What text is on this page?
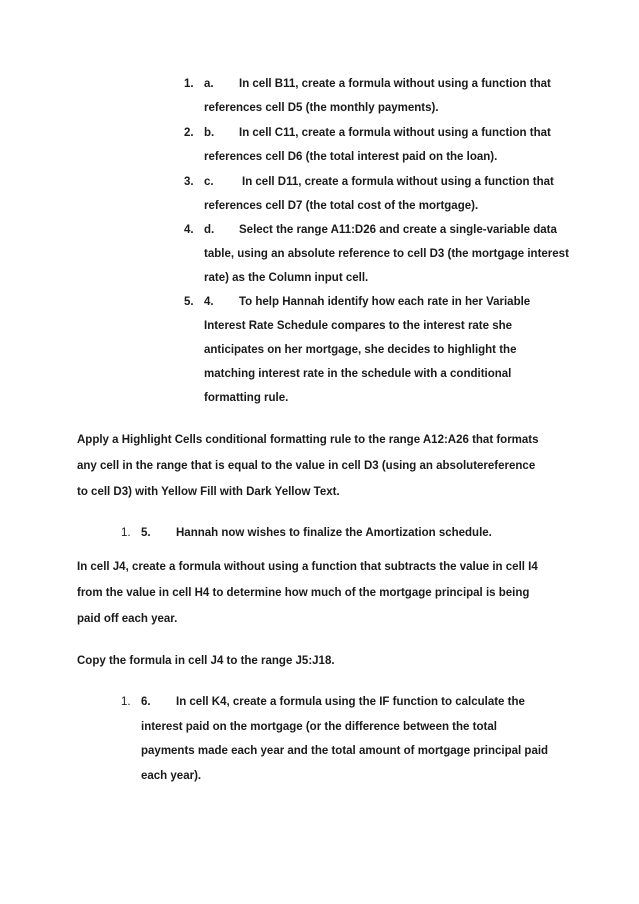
1. a.	In cell B11, create a formula without using a function that
references cell D5 (the monthly payments).
2. b.	In cell C11, create a formula without using a function that
references cell D6 (the total interest paid on the loan).
3. c.	In cell D11, create a formula without using a function that
references cell D7 (the total cost of the mortgage).
4. d.	Select the range A11:D26 and create a single-variable data
table, using an absolute reference to cell D3 (the mortgage interest
rate) as the Column input cell.
5. 4.	To help Hannah identify how each rate in her Variable
Interest Rate Schedule compares to the interest rate she
anticipates on her mortgage, she decides to highlight the
matching interest rate in the schedule with a conditional
formatting rule.
Apply a Highlight Cells conditional formatting rule to the range A12:A26 that formats
any cell in the range that is equal to the value in cell D3 (using an absolutereference
to cell D3) with Yellow Fill with Dark Yellow Text.
1. 5. Hannah now wishes to finalize the Amortization schedule.
In cell J4, create a formula without using a function that subtracts the value in cell I4
from the value in cell H4 to determine how much of the mortgage principal is being
paid off each year.
Copy the formula in cell J4 to the range J5:J18.
1. 6.	In cell K4, create a formula using the IF function to calculate the
interest paid on the mortgage (or the difference between the total
payments made each year and the total amount of mortgage principal paid
each year).
